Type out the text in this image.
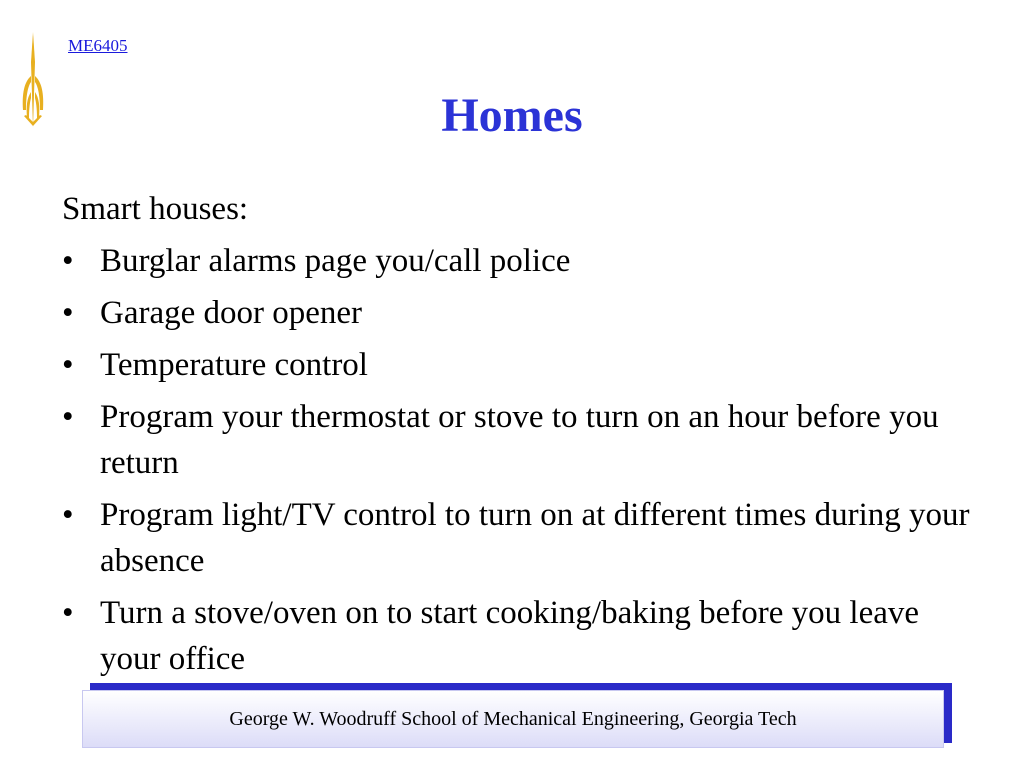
ME6405
Homes
Smart houses:
• Burglar alarms page you/call police
• Garage door opener
• Temperature control
• Program your thermostat or stove to turn on an hour before you return
• Program light/TV control to turn on at different times during your absence
• Turn a stove/oven on to start cooking/baking before you leave your office
George W. Woodruff School of Mechanical Engineering, Georgia Tech
